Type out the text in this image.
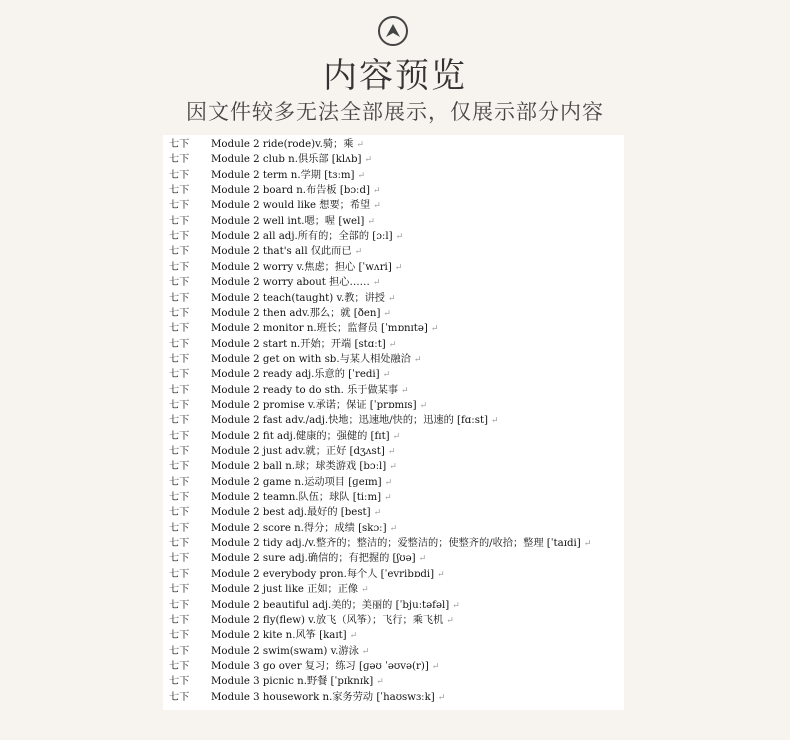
内容预览
因文件较多无法全部展示，仅展示部分内容
七下 Module 2 ride(rode)v.骑；乘 ↵
七下 Module 2 club n.俱乐部 [klʌb] ↵
七下 Module 2 term n.学期 [tɜːm] ↵
七下 Module 2 board n.布告板 [bɔːd] ↵
七下 Module 2 would like 想要；希望 ↵
七下 Module 2 well int.嗯；喔 [wel] ↵
七下 Module 2 all adj.所有的；全部的 [ɔːl] ↵
七下 Module 2 that's all 仅此而已 ↵
七下 Module 2 worry v.焦虑；担心 [ˈwʌri] ↵
七下 Module 2 worry about 担心…… ↵
七下 Module 2 teach(taught) v.教；讲授 ↵
七下 Module 2 then adv.那么；就 [ðen] ↵
七下 Module 2 monitor n.班长；监督员 [ˈmɒnɪtə] ↵
七下 Module 2 start n.开始；开端 [stɑːt] ↵
七下 Module 2 get on with sb.与某人相处融洽 ↵
七下 Module 2 ready adj.乐意的 [ˈredi] ↵
七下 Module 2 ready to do sth. 乐于做某事 ↵
七下 Module 2 promise v.承诺；保证 [ˈprɒmɪs] ↵
七下 Module 2 fast adv./adj.快地；迅速地/快的；迅速的 [fɑːst] ↵
七下 Module 2 fit adj.健康的；强健的 [fɪt] ↵
七下 Module 2 just adv.就；正好 [dʒʌst] ↵
七下 Module 2 ball n.球；球类游戏 [bɔːl] ↵
七下 Module 2 game n.运动项目 [ɡeɪm] ↵
七下 Module 2 teamn.队伍；球队 [tiːm] ↵
七下 Module 2 best adj.最好的 [best] ↵
七下 Module 2 score n.得分；成绩 [skɔː] ↵
七下 Module 2 tidy adj./v.整齐的；整洁的；爱整洁的；使整齐的/收拾；整理 [ˈtaɪdi] ↵
七下 Module 2 sure adj.确信的；有把握的 [ʃʊə] ↵
七下 Module 2 everybody pron.每个人 [ˈevribɒdi] ↵
七下 Module 2 just like 正如；正像 ↵
七下 Module 2 beautiful adj.美的；美丽的 [ˈbjuːtəfəl] ↵
七下 Module 2 fly(flew) v.放飞（风筝）；飞行；乘飞机 ↵
七下 Module 2 kite n.风筝 [kaɪt] ↵
七下 Module 2 swim(swam) v.游泳 ↵
七下 Module 3 go over 复习；练习 [ɡəʊ ˈəʊvə(r)] ↵
七下 Module 3 picnic n.野餐 [ˈpɪknɪk] ↵
七下 Module 3 housework n.家务劳动 [ˈhaʊswɜːk] ↵
